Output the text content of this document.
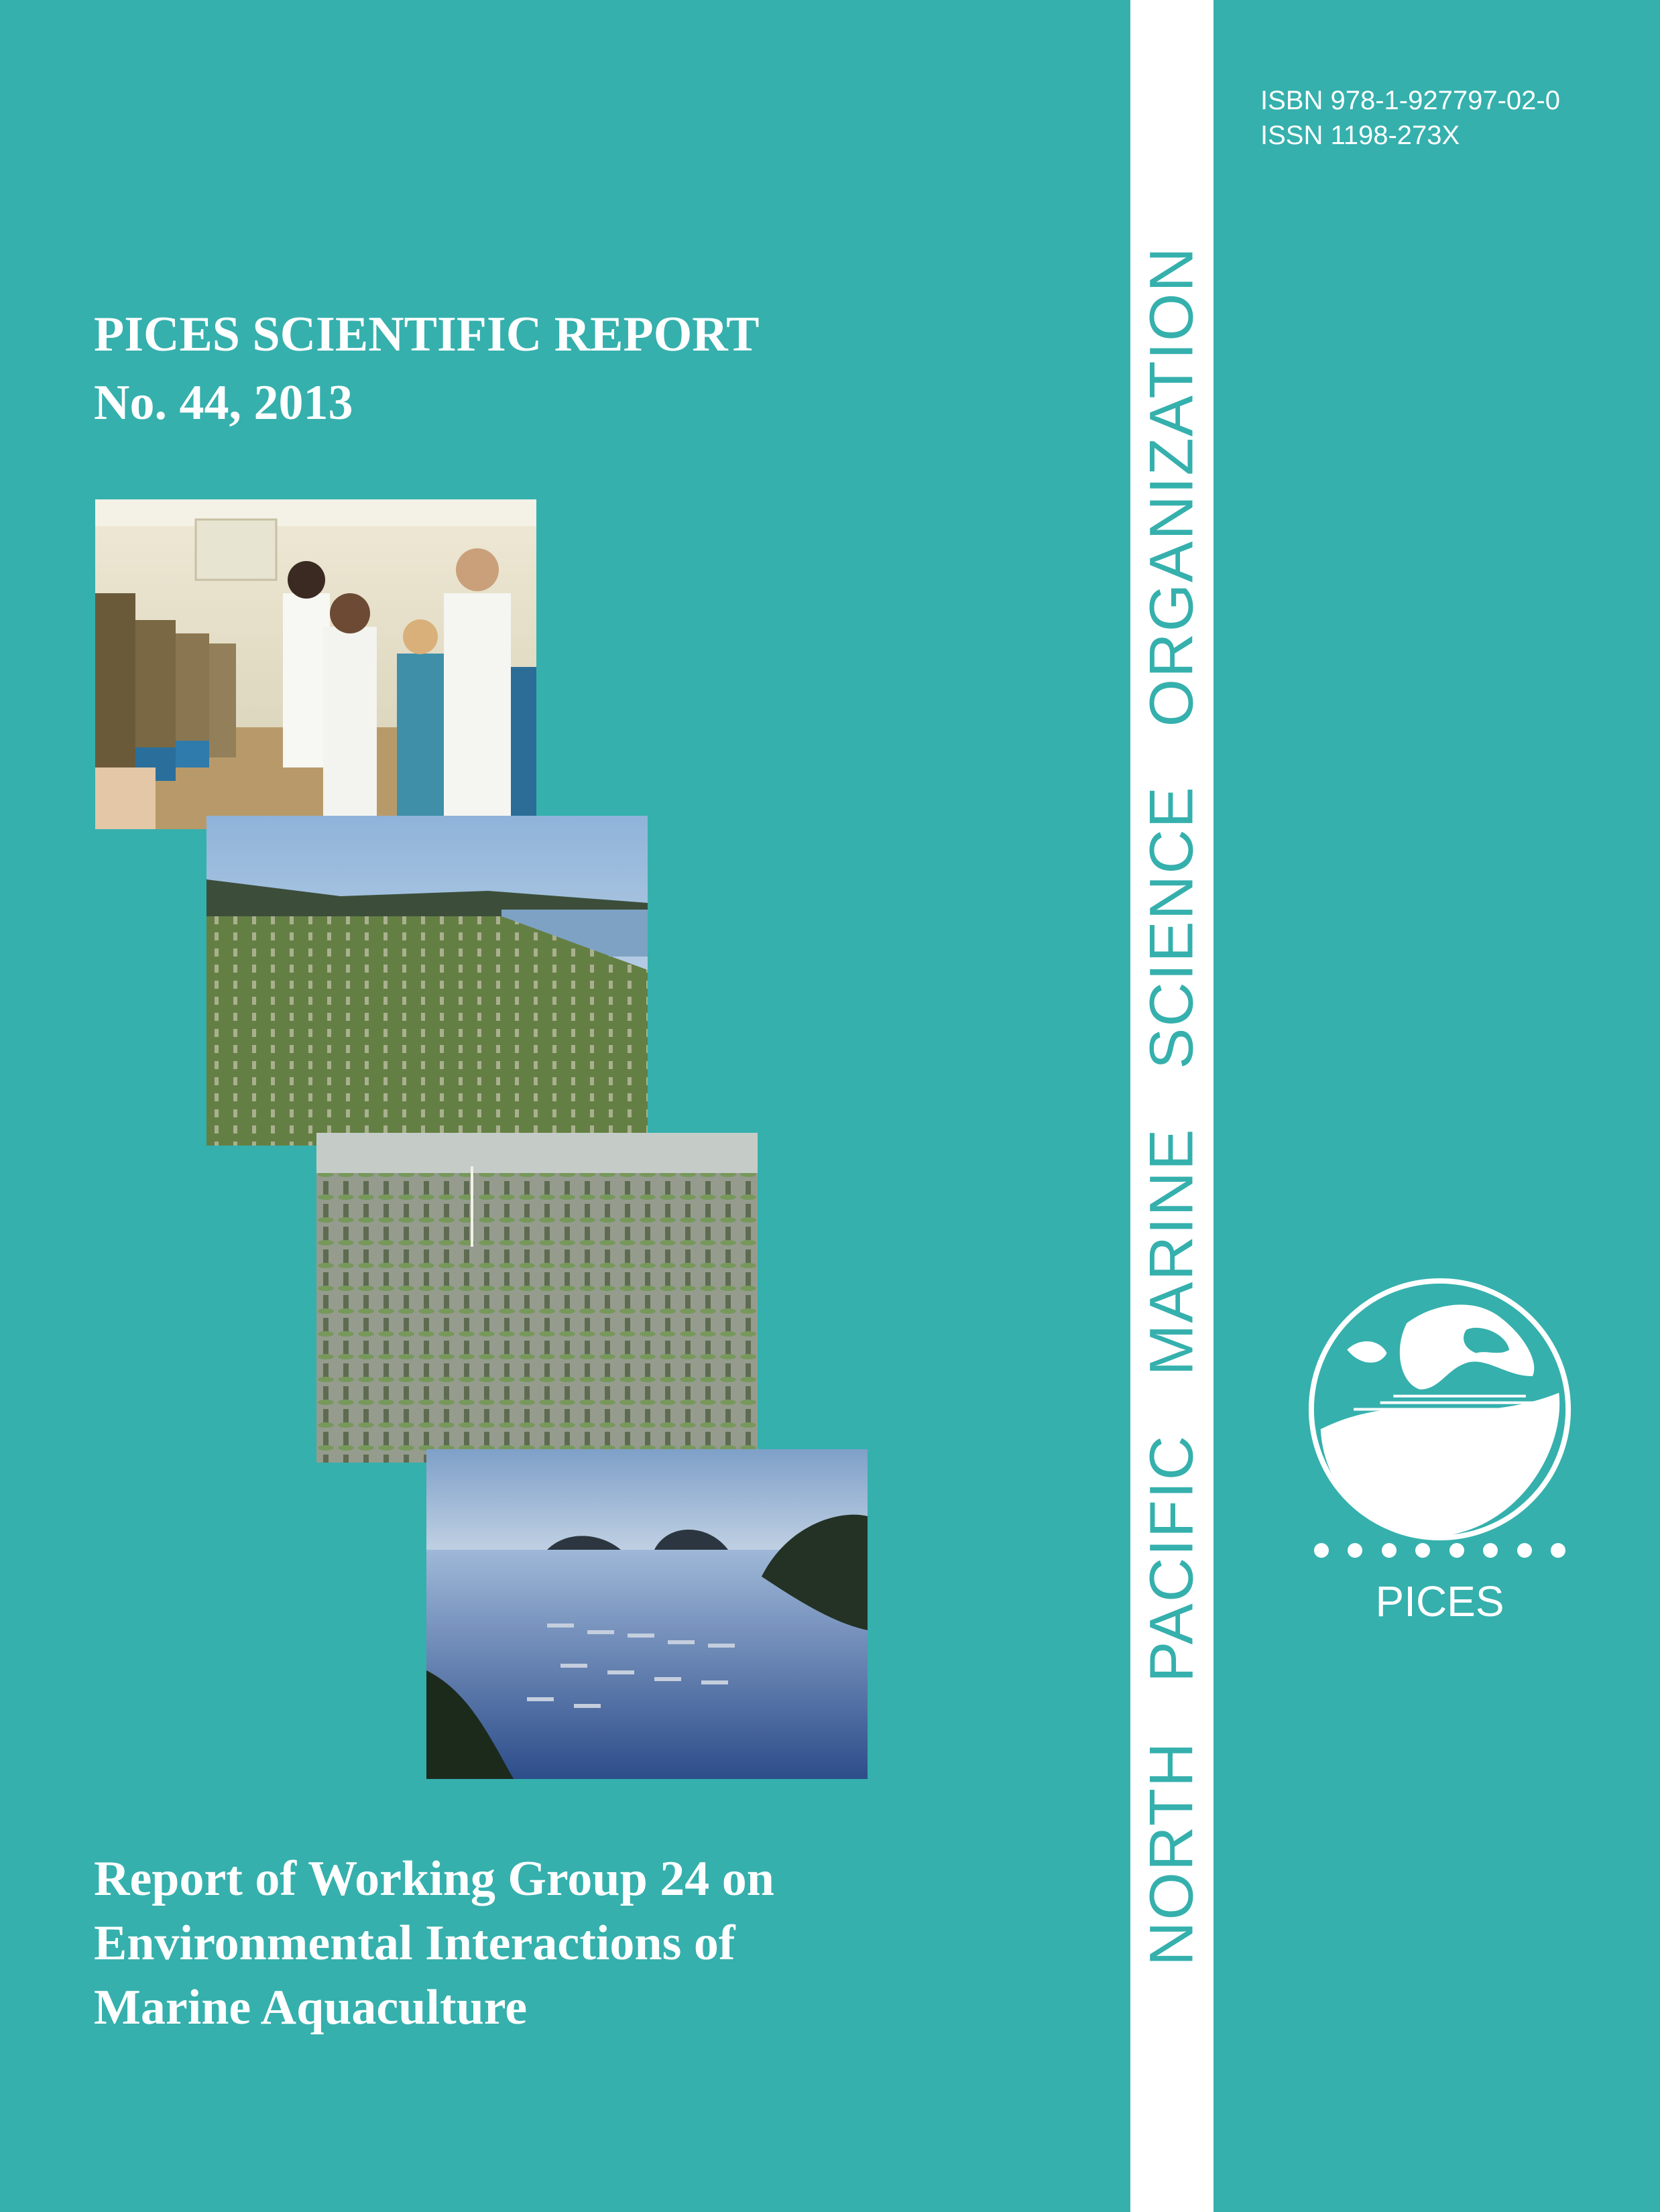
PICES SCIENTIFIC REPORT
No. 44, 2013
Report of Working Group 24 on
Environmental Interactions of
Marine Aquaculture
NORTH PACIFIC MARINE SCIENCE ORGANIZATION
ISBN 978-1-927797-02-0
ISSN 1198-273X
PICES
